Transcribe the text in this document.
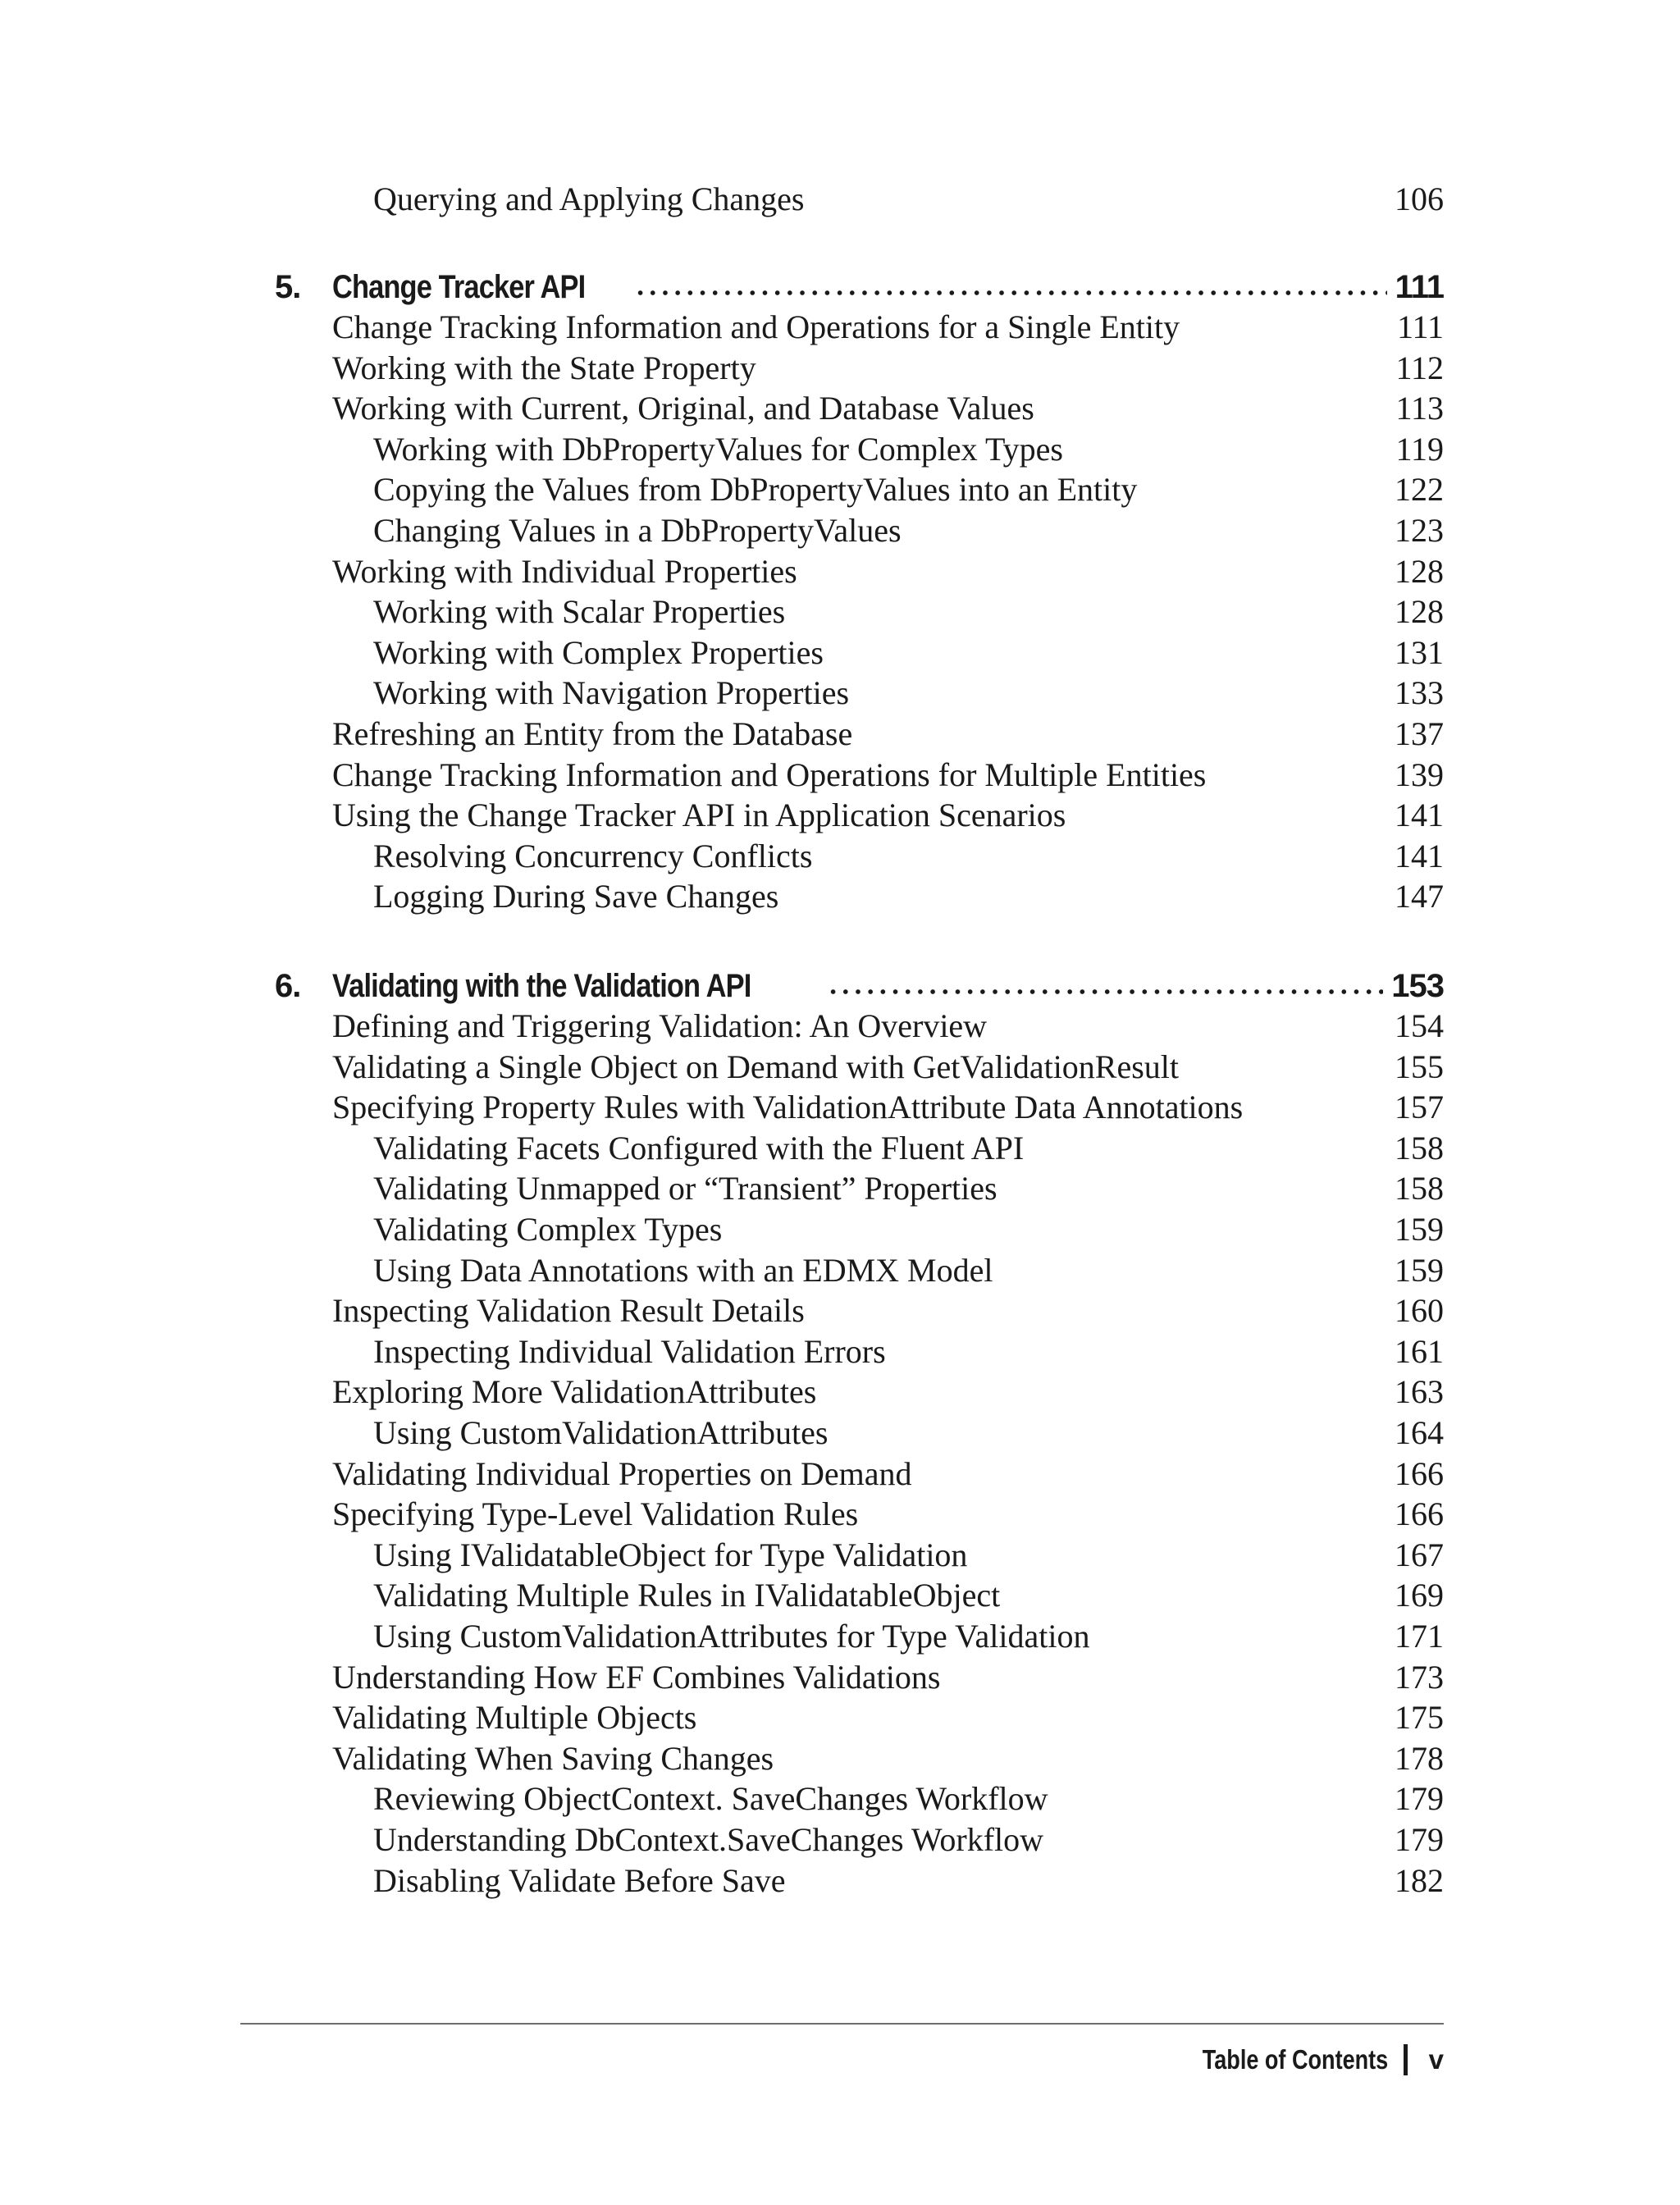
Querying and Applying Changes	106
5. Change Tracker API	111
Change Tracking Information and Operations for a Single Entity	111
Working with the State Property	112
Working with Current, Original, and Database Values	113
Working with DbPropertyValues for Complex Types	119
Copying the Values from DbPropertyValues into an Entity	122
Changing Values in a DbPropertyValues	123
Working with Individual Properties	128
Working with Scalar Properties	128
Working with Complex Properties	131
Working with Navigation Properties	133
Refreshing an Entity from the Database	137
Change Tracking Information and Operations for Multiple Entities	139
Using the Change Tracker API in Application Scenarios	141
Resolving Concurrency Conflicts	141
Logging During Save Changes	147
6. Validating with the Validation API	153
Defining and Triggering Validation: An Overview	154
Validating a Single Object on Demand with GetValidationResult	155
Specifying Property Rules with ValidationAttribute Data Annotations	157
Validating Facets Configured with the Fluent API	158
Validating Unmapped or “Transient” Properties	158
Validating Complex Types	159
Using Data Annotations with an EDMX Model	159
Inspecting Validation Result Details	160
Inspecting Individual Validation Errors	161
Exploring More ValidationAttributes	163
Using CustomValidationAttributes	164
Validating Individual Properties on Demand	166
Specifying Type-Level Validation Rules	166
Using IValidatableObject for Type Validation	167
Validating Multiple Rules in IValidatableObject	169
Using CustomValidationAttributes for Type Validation	171
Understanding How EF Combines Validations	173
Validating Multiple Objects	175
Validating When Saving Changes	178
Reviewing ObjectContext. SaveChanges Workflow	179
Understanding DbContext.SaveChanges Workflow	179
Disabling Validate Before Save	182
Table of Contents v
